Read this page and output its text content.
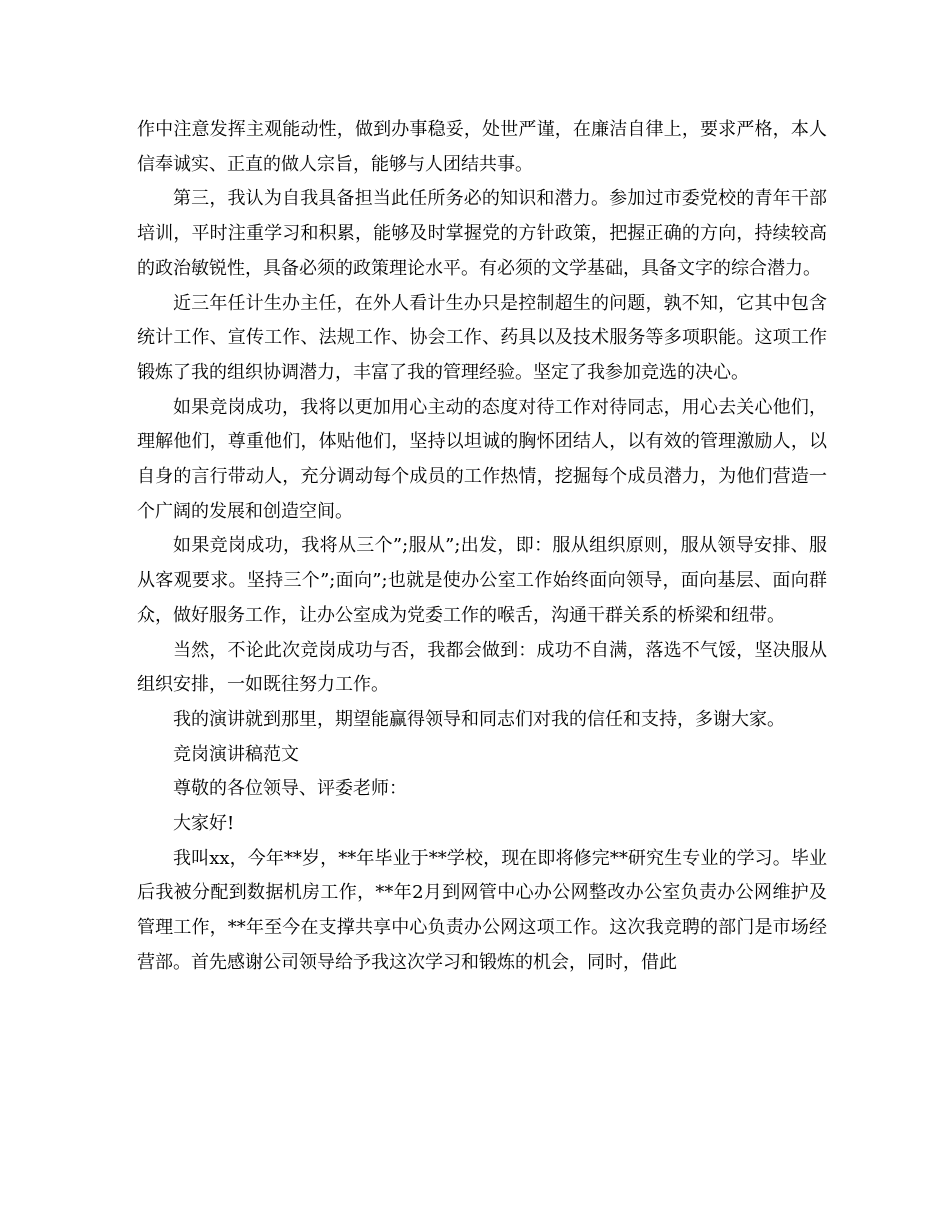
作中注意发挥主观能动性，做到办事稳妥，处世严谨，在廉洁自律上，要求严格，本人信奉诚实、正直的做人宗旨，能够与人团结共事。

第三，我认为自我具备担当此任所务必的知识和潜力。参加过市委党校的青年干部培训，平时注重学习和积累，能够及时掌握党的方针政策，把握正确的方向，持续较高的政治敏锐性，具备必须的政策理论水平。有必须的文学基础，具备文字的综合潜力。

近三年任计生办主任，在外人看计生办只是控制超生的问题，孰不知，它其中包含统计工作、宣传工作、法规工作、协会工作、药具以及技术服务等多项职能。这项工作锻炼了我的组织协调潜力，丰富了我的管理经验。坚定了我参加竞选的决心。

如果竞岗成功，我将以更加用心主动的态度对待工作对待同志，用心去关心他们，理解他们，尊重他们，体贴他们，坚持以坦诚的胸怀团结人，以有效的管理激励人，以自身的言行带动人，充分调动每个成员的工作热情，挖掘每个成员潜力，为他们营造一个广阔的发展和创造空间。

如果竞岗成功，我将从三个”;服从”;出发，即：服从组织原则，服从领导安排、服从客观要求。坚持三个”;面向”;也就是使办公室工作始终面向领导，面向基层、面向群众，做好服务工作，让办公室成为党委工作的喉舌，沟通干群关系的桥梁和纽带。

当然，不论此次竞岗成功与否，我都会做到：成功不自满，落选不气馁，坚决服从组织安排，一如既往努力工作。

我的演讲就到那里，期望能赢得领导和同志们对我的信任和支持，多谢大家。

竞岗演讲稿范文

尊敬的各位领导、评委老师：

大家好!

我叫xx，今年**岁，**年毕业于**学校，现在即将修完**研究生专业的学习。毕业后我被分配到数据机房工作，**年2月到网管中心办公网整改办公室负责办公网维护及管理工作，**年至今在支撑共享中心负责办公网这项工作。这次我竞聘的部门是市场经营部。首先感谢公司领导给予我这次学习和锻炼的机会，同时，借此
